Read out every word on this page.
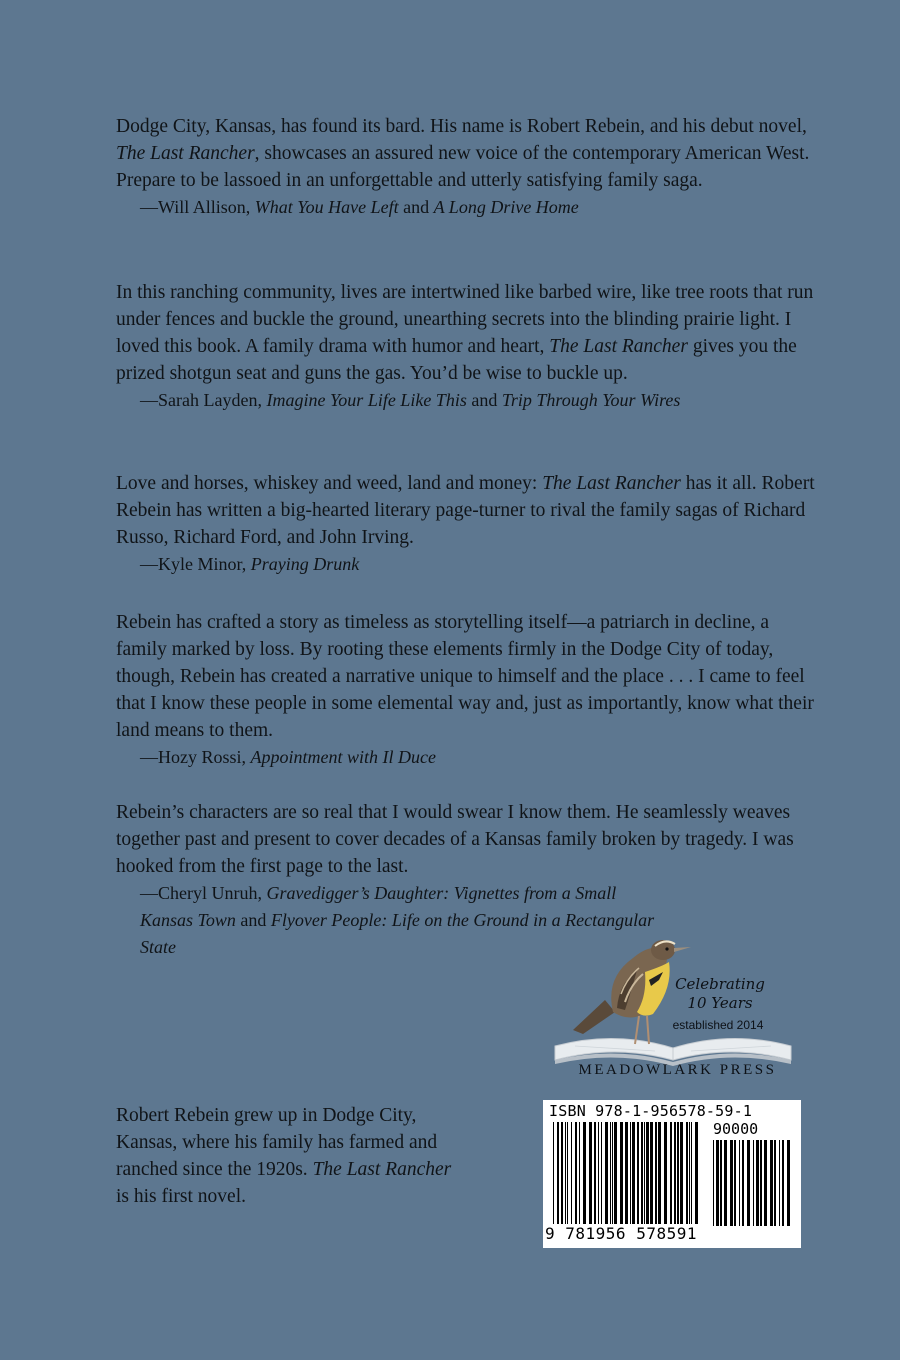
Dodge City, Kansas, has found its bard. His name is Robert Rebein, and his debut novel, The Last Rancher, showcases an assured new voice of the contemporary American West. Prepare to be lassoed in an unforgettable and utterly satisfying family saga.

—Will Allison, What You Have Left and A Long Drive Home

In this ranching community, lives are intertwined like barbed wire, like tree roots that run under fences and buckle the ground, unearthing secrets into the blinding prairie light. I loved this book. A family drama with humor and heart, The Last Rancher gives you the prized shotgun seat and guns the gas. You’d be wise to buckle up.

—Sarah Layden, Imagine Your Life Like This and Trip Through Your Wires

Love and horses, whiskey and weed, land and money: The Last Rancher has it all. Robert Rebein has written a big-hearted literary page-turner to rival the family sagas of Richard Russo, Richard Ford, and John Irving.

—Kyle Minor, Praying Drunk

Rebein has crafted a story as timeless as storytelling itself—a patriarch in decline, a family marked by loss. By rooting these elements firmly in the Dodge City of today, though, Rebein has created a narrative unique to himself and the place . . . I came to feel that I know these people in some elemental way and, just as importantly, know what their land means to them.

—Hozy Rossi, Appointment with Il Duce

Rebein’s characters are so real that I would swear I know them. He seamlessly weaves together past and present to cover decades of a Kansas family broken by tragedy. I was hooked from the first page to the last.

—Cheryl Unruh, Gravedigger’s Daughter: Vignettes from a Small Kansas Town and Flyover People: Life on the Ground in a Rectangular State
Robert Rebein grew up in Dodge City, Kansas, where his family has farmed and ranched since the 1920s. The Last Rancher is his first novel.
Celebrating
10 Years
established 2014
MEADOWLARK PRESS
ISBN 978-1-956578-59-1
90000
9 781956 578591
